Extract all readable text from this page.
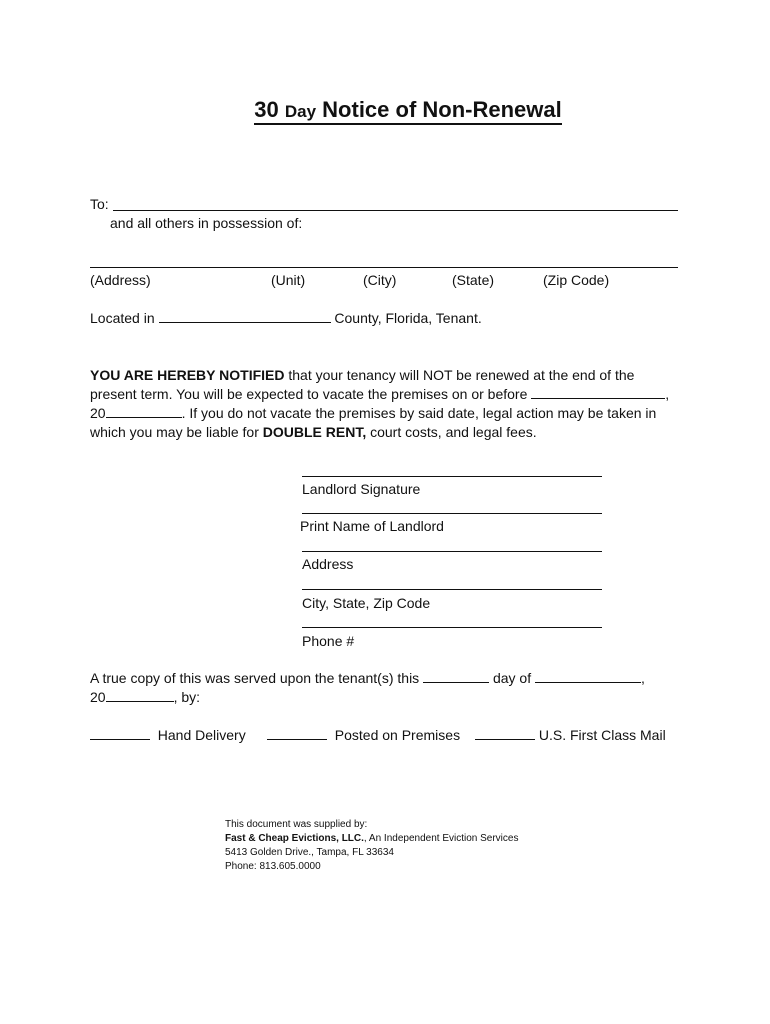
30 Day Notice of Non-Renewal
To:
and all others in possession of:
(Address)	(Unit)	(City)	(State)	(Zip Code)
Located in	County, Florida, Tenant.
YOU ARE HEREBY NOTIFIED that your tenancy will NOT be renewed at the end of the present term. You will be expected to vacate the premises on or before	, 20	. If you do not vacate the premises by said date, legal action may be taken in which you may be liable for DOUBLE RENT, court costs, and legal fees.
Landlord Signature
Print Name of Landlord
Address
City, State, Zip Code
Phone #
A true copy of this was served upon the tenant(s) this	day of	,
20	, by:
Hand Delivery	Posted on Premises	U.S. First Class Mail
This document was supplied by:
Fast & Cheap Evictions, LLC., An Independent Eviction Services
5413 Golden Drive., Tampa, FL 33634
Phone: 813.605.0000
